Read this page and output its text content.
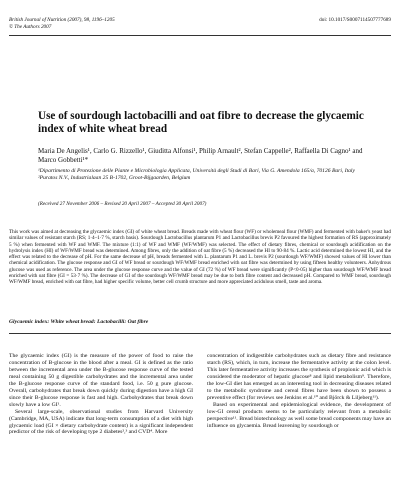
British Journal of Nutrition (2007), 98, 1196–1205
© The Authors 2007
doi: 10.1017/S0007114507777689
Use of sourdough lactobacilli and oat fibre to decrease the glycaemic index of white wheat bread
Maria De Angelis¹, Carlo G. Rizzello¹, Giuditta Alfonsi¹, Philip Arnault², Stefan Cappelle², Raffaella Di Cagno¹ and Marco Gobbetti¹*
¹Dipartimento di Protezione delle Piante e Microbiologia Applicata, Università degli Studi di Bari, Via G. Amendola 165/a, 70126 Bari, Italy
²Puratos N.V., Industrialaan 25 B-1702, Groot-Bijgaarden, Belgium
(Received 27 November 2006 – Revised 20 April 2007 – Accepted 30 April 2007)
This work was aimed at decreasing the glycaemic index (GI) of white wheat bread. Breads made with wheat flour (WF) or wholemeal flour (WMF) and fermented with baker's yeast had similar values of resistant starch (RS; 1·4–1·7 %, starch basis). Sourdough Lactobacillus plantarum P1 and Lactobacillus brevis P2 favoured the highest formation of RS (approximately 5 %) when fermented with WF and WMF. The mixture (1:1) of WF and WMF (WF/WMF) was selected. The effect of dietary fibres, chemical or sourdough acidification on the hydrolysis index (HI) of WF/WMF bread was determined. Among fibres, only the addition of oat fibre (5 %) decreased the HI to 90·84 %. Lactic acid determined the lowest HI, and the effect was related to the decrease of pH. For the same decrease of pH, breads fermented with L. plantarum P1 and L. brevis P2 (sourdough WF/WMF) showed values of HI lower than chemical acidification. The glucose response and GI of WF bread or sourdough WF/WMF bread enriched with oat fibre was determined by using fifteen healthy volunteers. Anhydrous glucose was used as reference. The area under the glucose response curve and the value of GI (72 %) of WF bread were significantly (P<0·05) higher than sourdough WF/WMF bread enriched with oat fibre (GI = 53·7 %). The decrease of GI of the sourdough WF/WMF bread may be due to both fibre content and decreased pH. Compared to WMF bread, sourdough WF/WMF bread, enriched with oat fibre, had higher specific volume, better cell crumb structure and more appreciated acidulous smell, taste and aroma.
Glycaemic index: White wheat bread: Lactobacilli: Oat fibre

The glycaemic index (GI) is the measure of the power of food to raise the concentration of B-glucose in the blood after a meal. GI is defined as the ratio between the incremental area under the B-glucose response curve of the tested meal containing 50 g digestible carbohydrates and the incremental area under the B-glucose response curve of the standard food, i.e. 50 g pure glucose. Overall, carbohydrates that break down quickly during digestion have a high GI since their B-glucose response is fast and high. Carbohydrates that break down slowly have a low GI¹.

Several large-scale, observational studies from Harvard University (Cambridge, MA, USA) indicate that long-term consumption of a diet with high glycaemic load (GI × dietary carbohydrate content) is a significant independent predictor of the risk of developing type 2 diabetes²,³ and CVD⁴. More

concentration of indigestible carbohydrates such as dietary fibre and resistance starch (RS), which, in turn, increase the fermentative activity at the colon level. This later fermentative activity increases the synthesis of propionic acid which is considered the moderator of hepatic glucose⁸ and lipid metabolism⁹. Therefore, the low-GI diet has emerged as an interesting tool in decreasing diseases related to the metabolic syndrome and cereal fibres have been shown to possess a preventive effect (for reviews see Jenkins et al.¹⁰ and Björck & Liljeberg¹¹).

Based on experimental and epidemiological evidence, the development of low-GI cereal products seems to be particularly relevant from a metabolic perspective¹¹. Bread biotechnology as well some bread components may have an influence on glycaemia. Bread leavening by sourdough or
